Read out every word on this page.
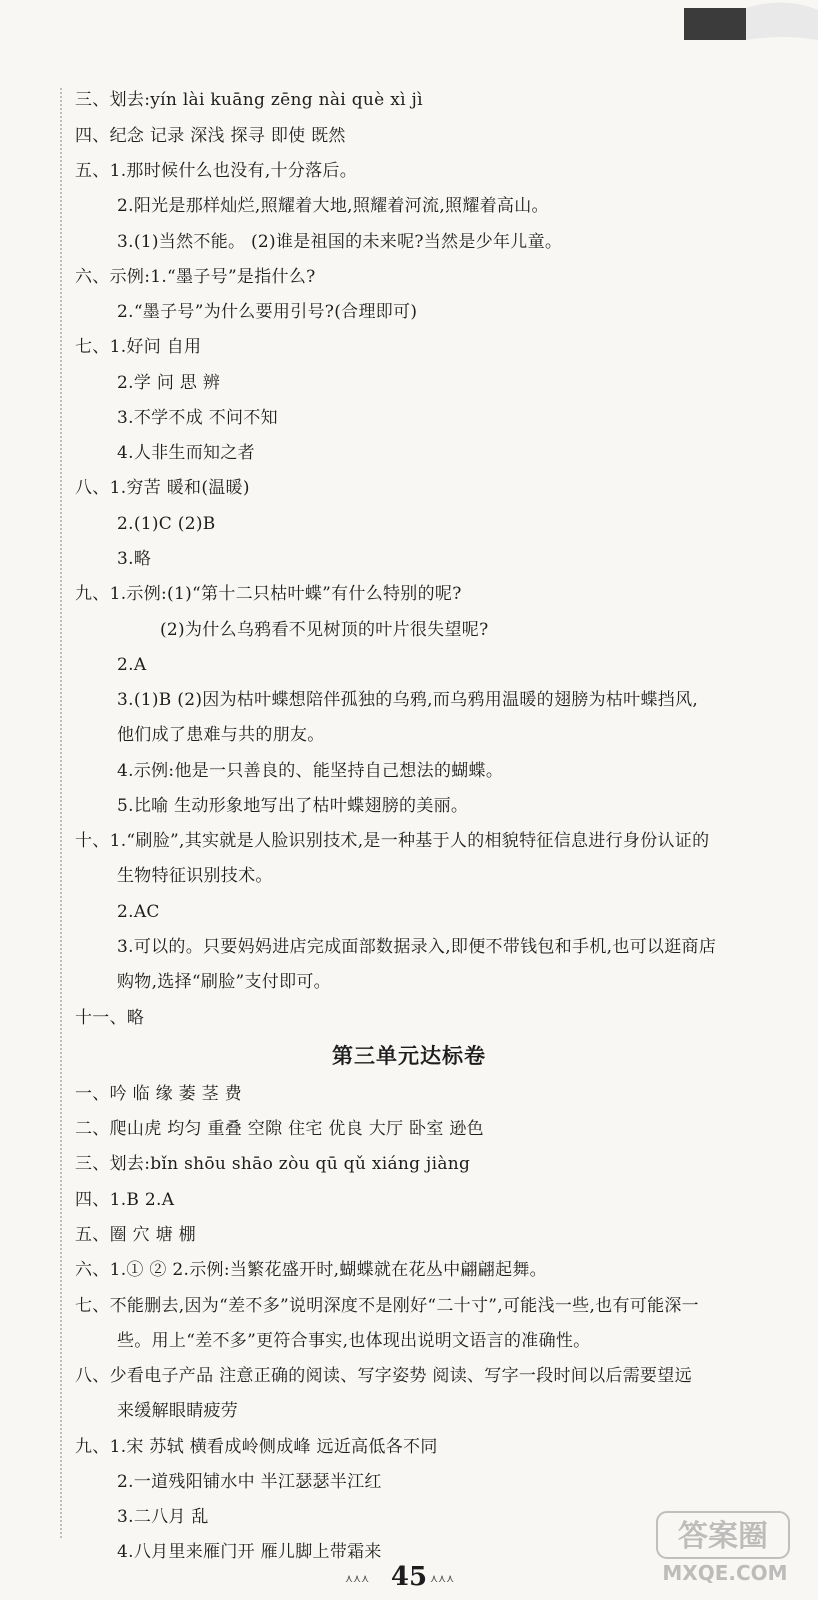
三、划去:yín lài kuāng zēng nài què xì jì
四、纪念 记录 深浅 探寻 即使 既然
五、1.那时候什么也没有,十分落后。
2.阳光是那样灿烂,照耀着大地,照耀着河流,照耀着高山。
3.(1)当然不能。 (2)谁是祖国的未来呢?当然是少年儿童。
六、示例:1.“墨子号”是指什么?
2.“墨子号”为什么要用引号?(合理即可)
七、1.好问 自用
2.学 问 思 辨
3.不学不成 不问不知
4.人非生而知之者
八、1.穷苦 暖和(温暖)
2.(1)C (2)B
3.略
九、1.示例:(1)“第十二只枯叶蝶”有什么特别的呢?
(2)为什么乌鸦看不见树顶的叶片很失望呢?
2.A
3.(1)B (2)因为枯叶蝶想陪伴孤独的乌鸦,而乌鸦用温暖的翅膀为枯叶蝶挡风,
他们成了患难与共的朋友。
4.示例:他是一只善良的、能坚持自己想法的蝴蝶。
5.比喻 生动形象地写出了枯叶蝶翅膀的美丽。
十、1.“刷脸”,其实就是人脸识别技术,是一种基于人的相貌特征信息进行身份认证的
生物特征识别技术。
2.AC
3.可以的。只要妈妈进店完成面部数据录入,即便不带钱包和手机,也可以逛商店
购物,选择“刷脸”支付即可。
十一、略
第三单元达标卷
一、吟 临 缘 萎 茎 费
二、爬山虎 均匀 重叠 空隙 住宅 优良 大厅 卧室 逊色
三、划去:bǐn shōu shāo zòu qū qǔ xiáng jiàng
四、1.B 2.A
五、圈 穴 塘 棚
六、1.① ② 2.示例:当繁花盛开时,蝴蝶就在花丛中翩翩起舞。
七、不能删去,因为“差不多”说明深度不是刚好“二十寸”,可能浅一些,也有可能深一
些。用上“差不多”更符合事实,也体现出说明文语言的准确性。
八、少看电子产品 注意正确的阅读、写字姿势 阅读、写字一段时间以后需要望远
来缓解眼睛疲劳
九、1.宋 苏轼 横看成岭侧成峰 远近高低各不同
2.一道残阳铺水中 半江瑟瑟半江红
3.二八月 乱
4.八月里来雁门开 雁儿脚上带霜来
⋏⋏⋏ 45 ⋏⋏⋏
答案圈
MXQE.COM
